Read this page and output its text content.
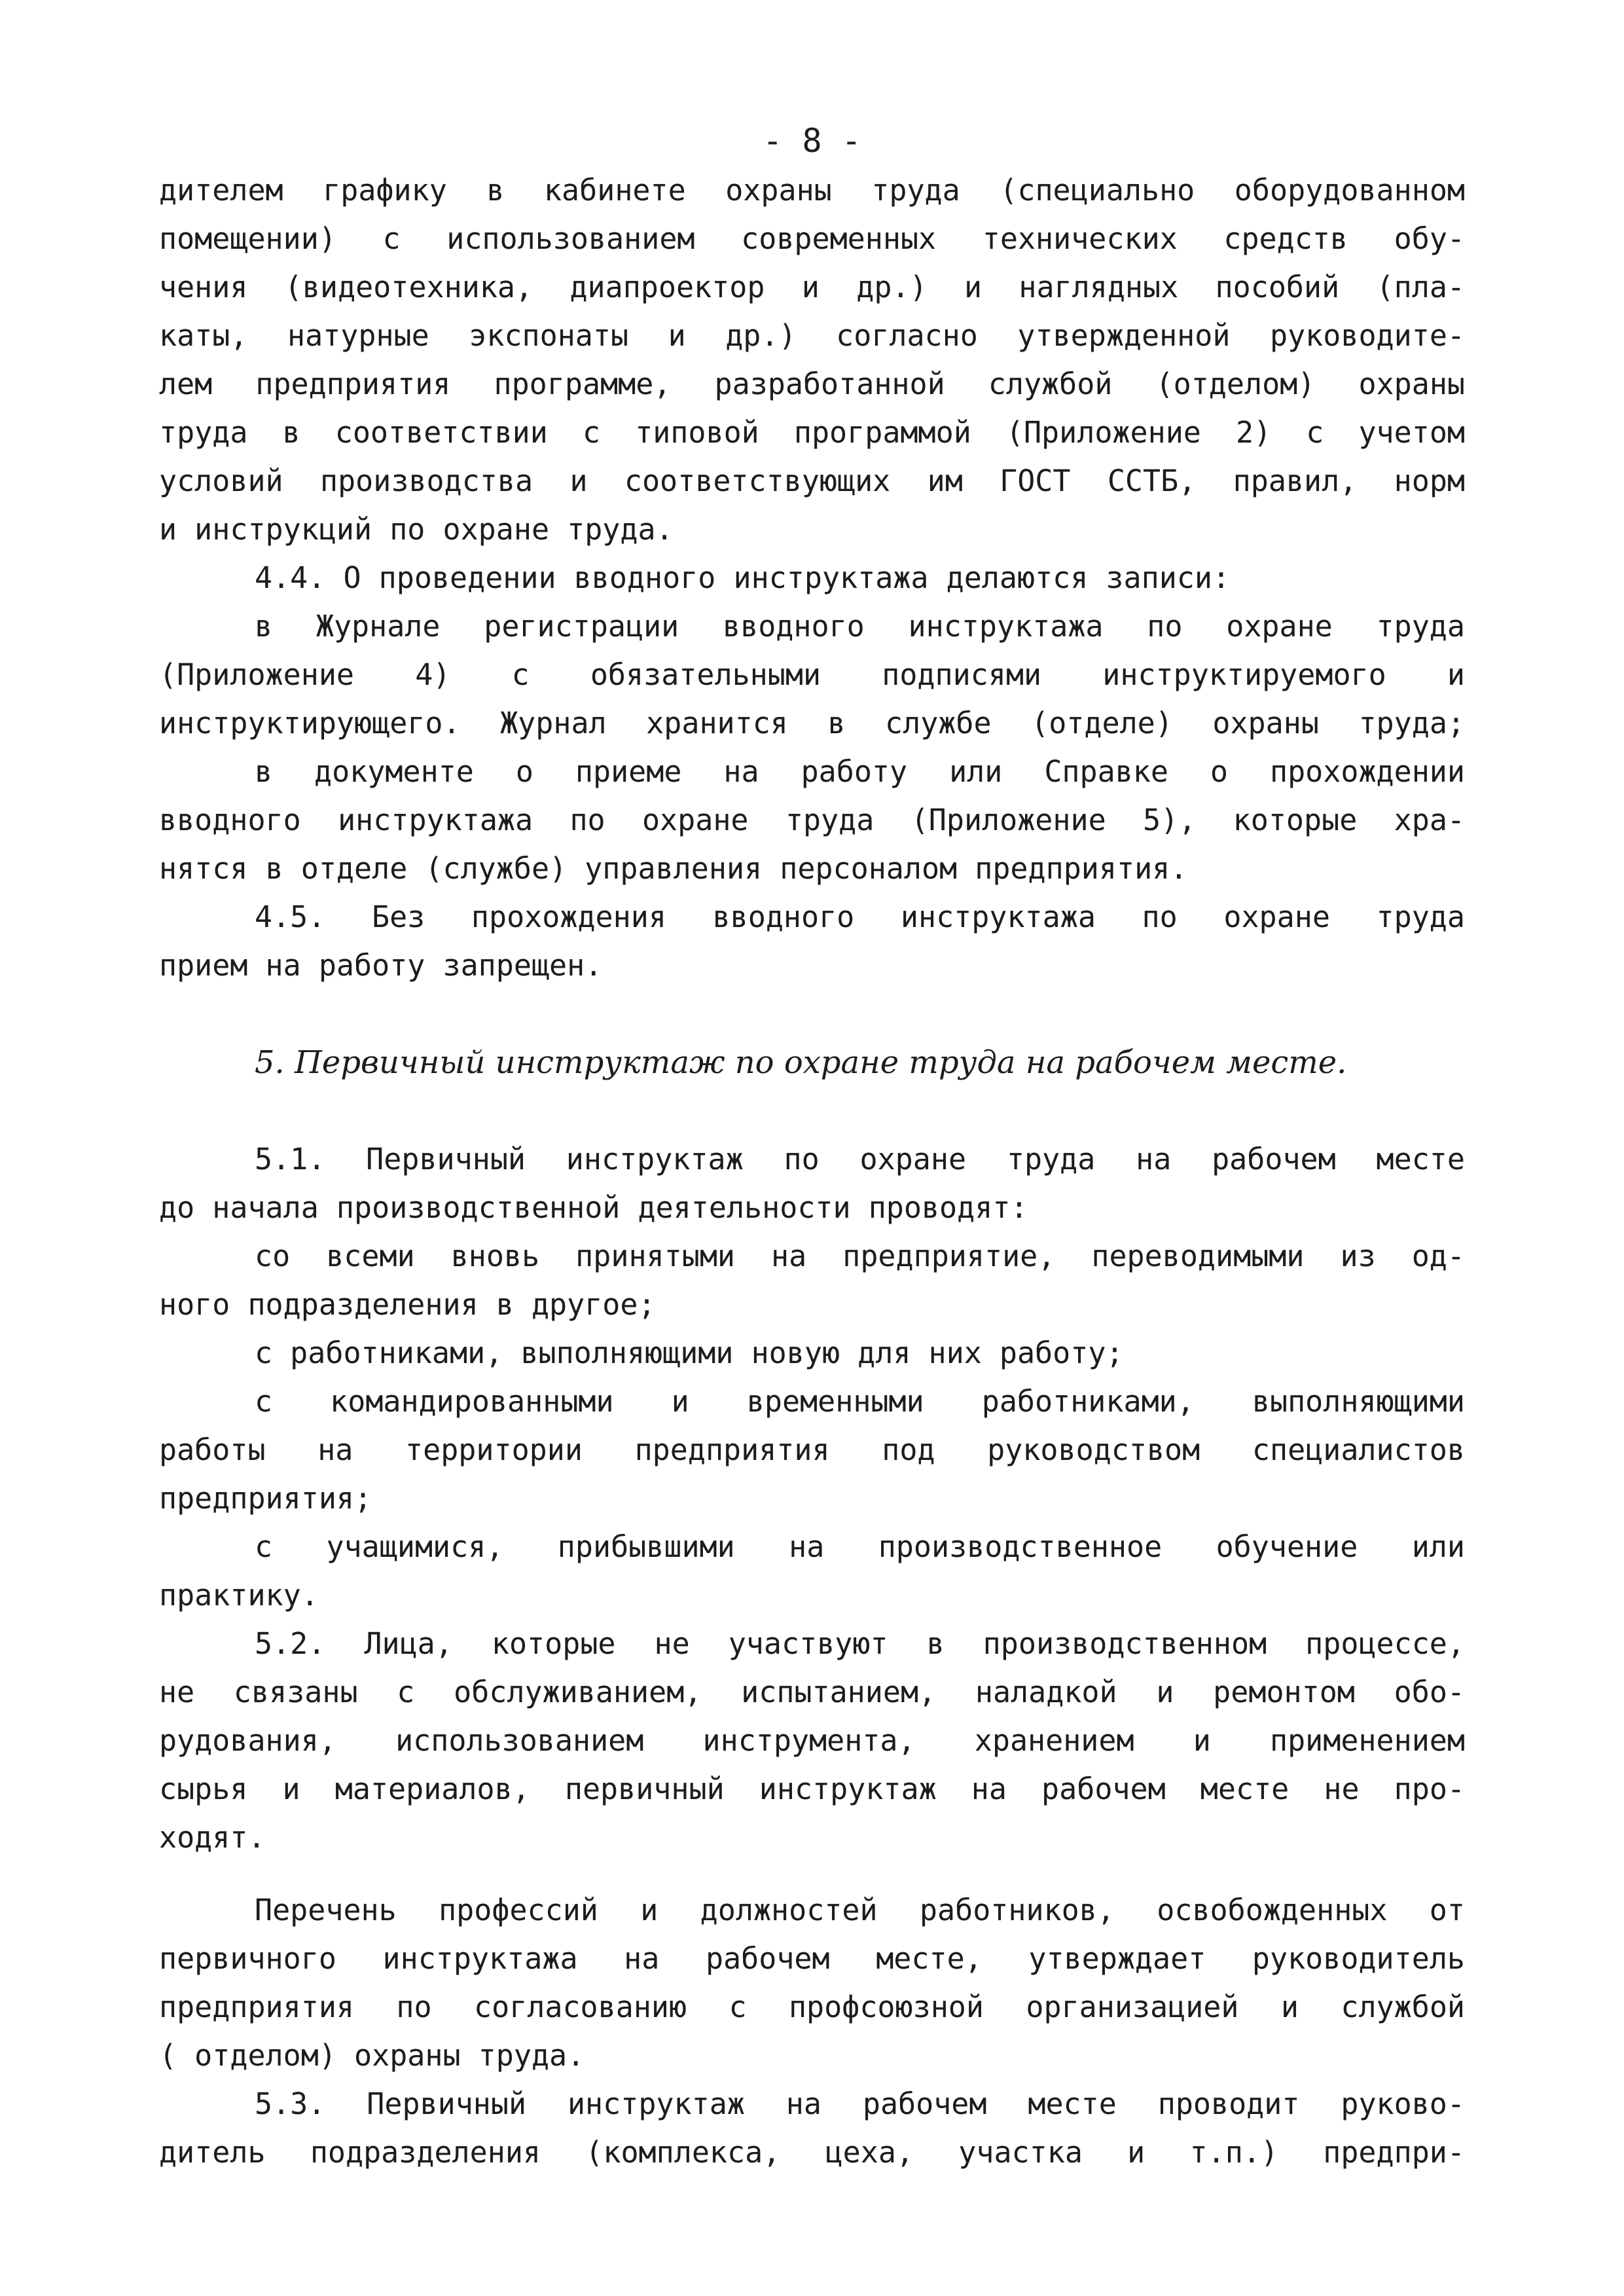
- 8 -
дителем графику в кабинете охраны труда (специально оборудованном
помещении) с использованием современных технических средств обу-
чения (видеотехника, диапроектор и др.) и наглядных пособий (пла-
каты, натурные экспонаты и др.) согласно утвержденной руководите-
лем предприятия программе, разработанной службой (отделом) охраны
труда в соответствии с типовой программой (Приложение 2) с учетом
условий производства и соответствующих им ГОСТ ССТБ, правил, норм
и инструкций по охране труда.
4.4. О проведении вводного инструктажа делаются записи:
в Журнале регистрации вводного инструктажа по охране труда
(Приложение 4) с обязательными подписями инструктируемого и
инструктирующего. Журнал хранится в службе (отделе) охраны труда;
в документе о приеме на работу или Справке о прохождении
вводного инструктажа по охране труда (Приложение 5), которые хра-
нятся в отделе (службе) управления персоналом предприятия.
4.5. Без прохождения вводного инструктажа по охране труда
прием на работу запрещен.
5. Первичный инструктаж по охране труда на рабочем месте.
5.1. Первичный инструктаж по охране труда на рабочем месте
до начала производственной деятельности проводят:
со всеми вновь принятыми на предприятие, переводимыми из од-
ного подразделения в другое;
с работниками, выполняющими новую для них работу;
с командированными и временными работниками, выполняющими
работы на территории предприятия под руководством специалистов
предприятия;
с учащимися, прибывшими на производственное обучение или
практику.
5.2. Лица, которые не участвуют в производственном процессе,
не связаны с обслуживанием, испытанием, наладкой и ремонтом обо-
рудования, использованием инструмента, хранением и применением
сырья и материалов, первичный инструктаж на рабочем месте не про-
ходят.
Перечень профессий и должностей работников, освобожденных от
первичного инструктажа на рабочем месте, утверждает руководитель
предприятия по согласованию с профсоюзной организацией и службой
( отделом) охраны труда.
5.3. Первичный инструктаж на рабочем месте проводит руково-
дитель подразделения (комплекса, цеха, участка и т.п.) предпри-
